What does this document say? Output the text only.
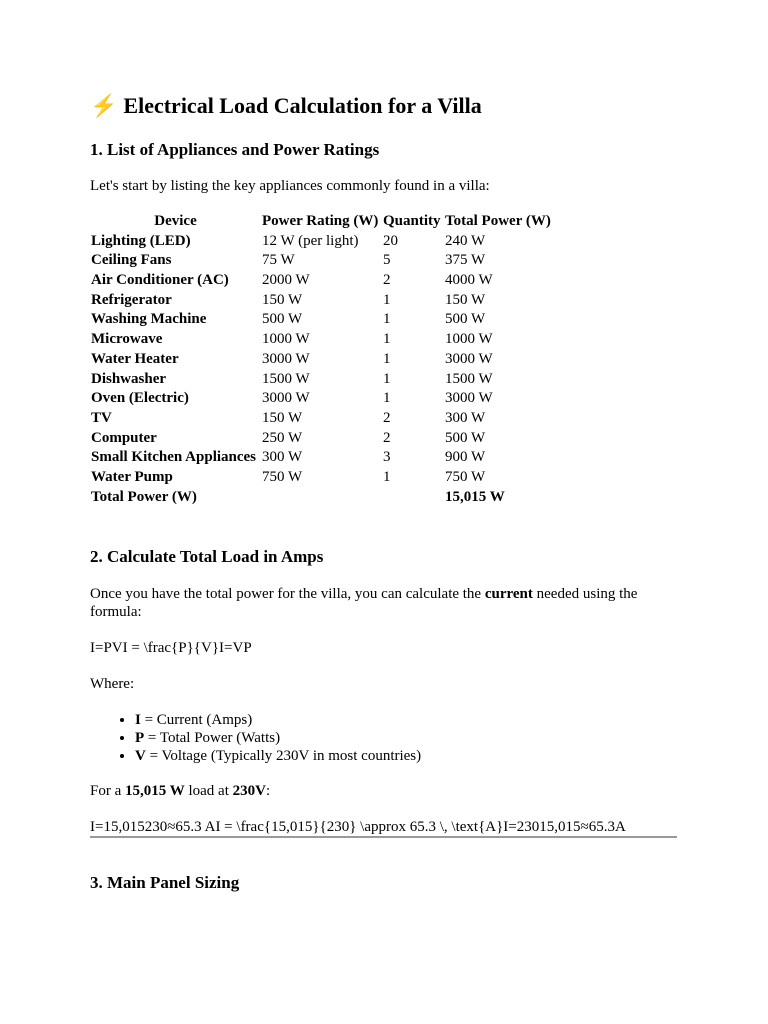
⚡ Electrical Load Calculation for a Villa
1. List of Appliances and Power Ratings

Let's start by listing the key appliances commonly found in a villa:

Device	Power Rating (W)	Quantity	Total Power (W)
Lighting (LED)	12 W (per light)	20	240 W
Ceiling Fans	75 W	5	375 W
Air Conditioner (AC)	2000 W	2	4000 W
Refrigerator	150 W	1	150 W
Washing Machine	500 W	1	500 W
Microwave	1000 W	1	1000 W
Water Heater	3000 W	1	3000 W
Dishwasher	1500 W	1	1500 W
Oven (Electric)	3000 W	1	3000 W
TV	150 W	2	300 W
Computer	250 W	2	500 W
Small Kitchen Appliances	300 W	3	900 W
Water Pump	750 W	1	750 W
Total Power (W)			15,015 W
2. Calculate Total Load in Amps

Once you have the total power for the villa, you can calculate the current needed using the formula:

I=PVI = \frac{P}{V}I=VP

Where:

• I = Current (Amps)
• P = Total Power (Watts)
• V = Voltage (Typically 230V in most countries)

For a 15,015 W load at 230V:

I=15,015230≈65.3 AI = \frac{15,015}{230} \approx 65.3 \, \text{A}I=23015,015≈65.3A
3. Main Panel Sizing
